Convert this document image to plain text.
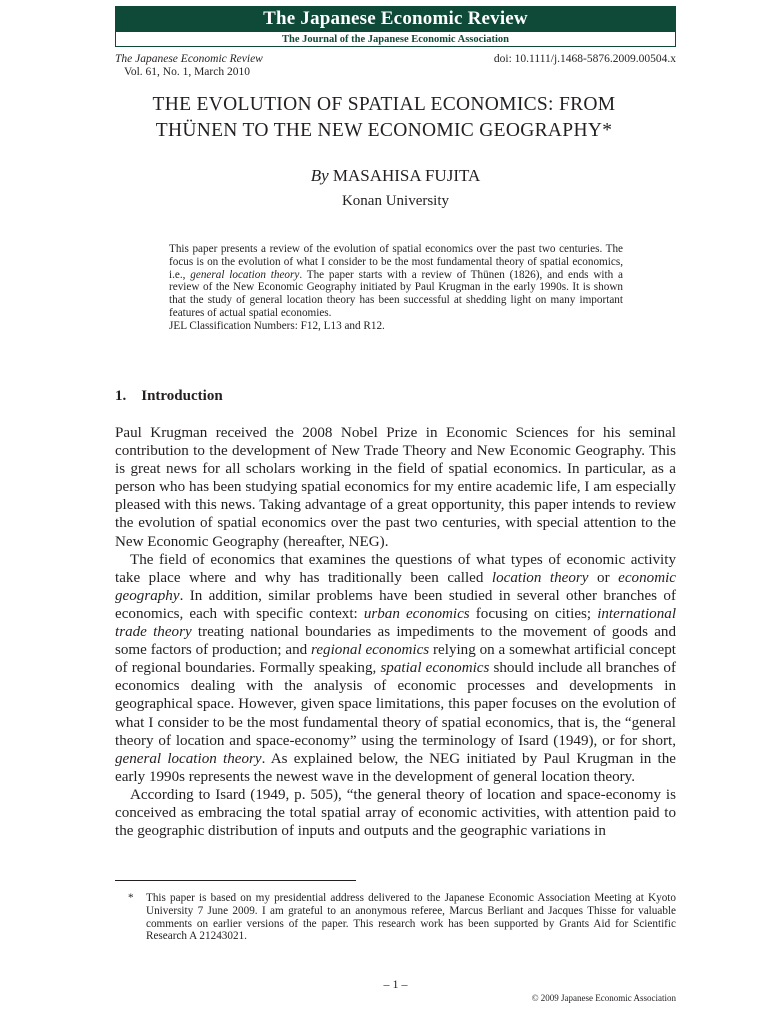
The Japanese Economic Review
The Journal of the Japanese Economic Association
The Japanese Economic Review
Vol. 61, No. 1, March 2010
doi: 10.1111/j.1468-5876.2009.00504.x
THE EVOLUTION OF SPATIAL ECONOMICS: FROM
THÜNEN TO THE NEW ECONOMIC GEOGRAPHY*
By MASAHISA FUJITA
Konan University

This paper presents a review of the evolution of spatial economics over the past two centuries. The focus is on the evolution of what I consider to be the most fundamental theory of spatial economics, i.e., general location theory. The paper starts with a review of Thünen (1826), and ends with a review of the New Economic Geography initiated by Paul Krugman in the early 1990s. It is shown that the study of general location theory has been successful at shedding light on many important features of actual spatial economies.

JEL Classification Numbers: F12, L13 and R12.

1. Introduction

Paul Krugman received the 2008 Nobel Prize in Economic Sciences for his seminal contribution to the development of New Trade Theory and New Economic Geography. This is great news for all scholars working in the field of spatial economics. In particular, as a person who has been studying spatial economics for my entire academic life, I am especially pleased with this news. Taking advantage of a great opportunity, this paper intends to review the evolution of spatial economics over the past two centuries, with special attention to the New Economic Geography (hereafter, NEG).

The field of economics that examines the questions of what types of economic activity take place where and why has traditionally been called location theory or economic geography. In addition, similar problems have been studied in several other branches of economics, each with specific context: urban economics focusing on cities; international trade theory treating national boundaries as impediments to the movement of goods and some factors of production; and regional economics relying on a somewhat artificial concept of regional boundaries. Formally speaking, spatial economics should include all branches of economics dealing with the analysis of economic processes and developments in geographical space. However, given space limitations, this paper focuses on the evolution of what I consider to be the most fundamental theory of spatial economics, that is, the “general theory of location and space-economy” using the terminology of Isard (1949), or for short, general location theory. As explained below, the NEG initiated by Paul Krugman in the early 1990s represents the newest wave in the development of general location theory.

According to Isard (1949, p. 505), “the general theory of location and space-economy is conceived as embracing the total spatial array of economic activities, with attention paid to the geographic distribution of inputs and outputs and the geographic variations in

*	This paper is based on my presidential address delivered to the Japanese Economic Association Meeting at Kyoto University 7 June 2009. I am grateful to an anonymous referee, Marcus Berliant and Jacques Thisse for valuable comments on earlier versions of the paper. This research work has been supported by Grants Aid for Scientific Research A 21243021.
– 1 –
© 2009 Japanese Economic Association
